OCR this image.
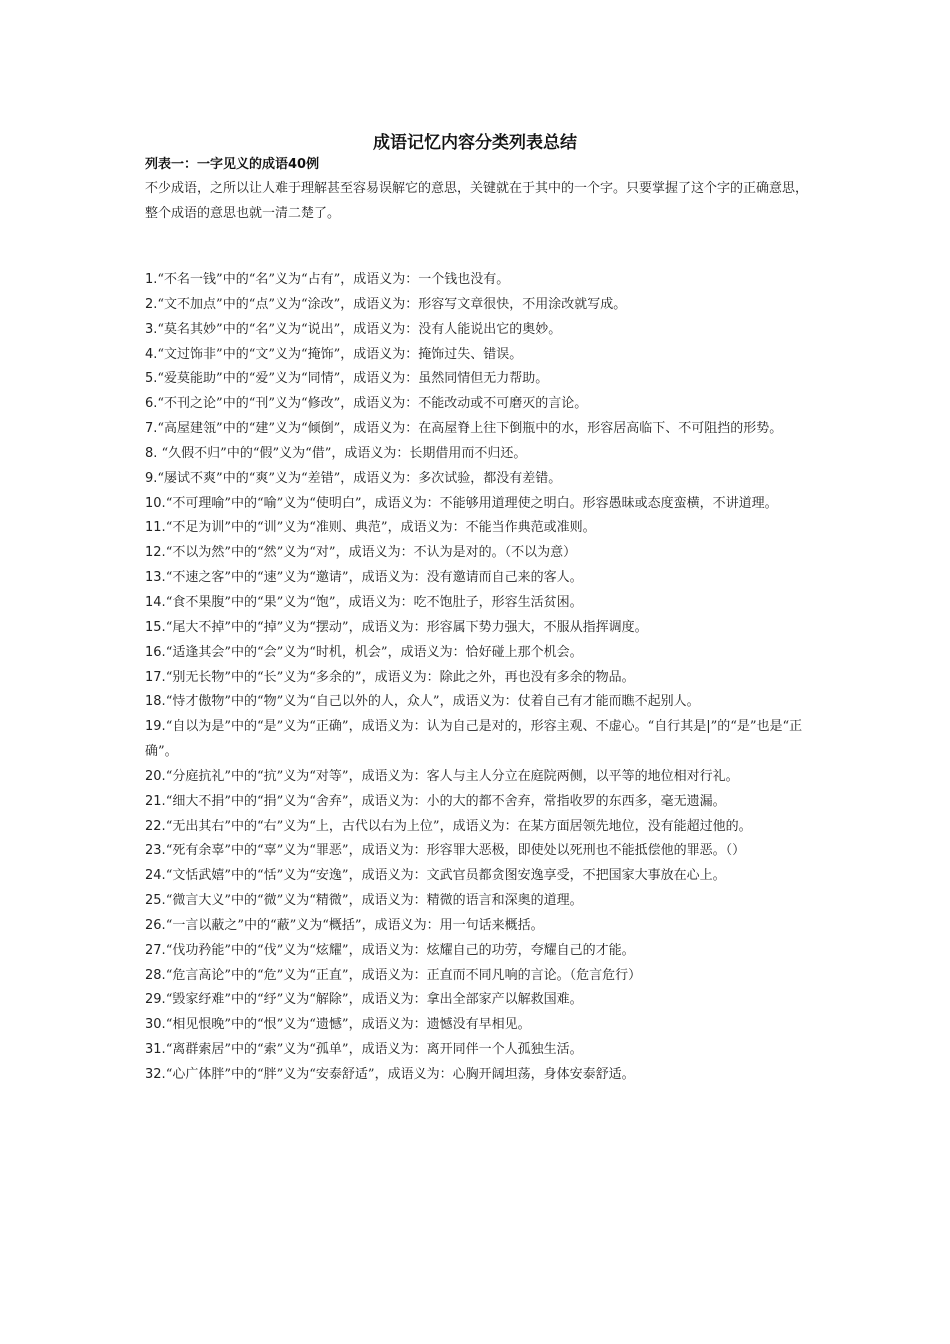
成语记忆内容分类列表总结
列表一：一字见义的成语40例
不少成语，之所以让人难于理解甚至容易误解它的意思，关键就在于其中的一个字。只要掌握了这个字的正确意思，整个成语的意思也就一清二楚了。
1.“不名一钱”中的“名”义为“占有”，成语义为：一个钱也没有。
2.“文不加点”中的“点”义为“涂改”，成语义为：形容写文章很快，不用涂改就写成。
3.“莫名其妙”中的“名”义为“说出”，成语义为：没有人能说出它的奥妙。
4.“文过饰非”中的“文”义为“掩饰”，成语义为：掩饰过失、错误。
5.“爱莫能助”中的“爱”义为“同情”，成语义为：虽然同情但无力帮助。
6.“不刊之论”中的“刊”义为“修改”，成语义为：不能改动或不可磨灭的言论。
7.“高屋建瓴”中的“建”义为“倾倒”，成语义为：在高屋脊上往下倒瓶中的水，形容居高临下、不可阻挡的形势。
8. “久假不归”中的“假”义为“借”，成语义为：长期借用而不归还。
9.“屡试不爽”中的“爽”义为“差错”，成语义为：多次试验，都没有差错。
10.“不可理喻”中的“喻”义为“使明白”，成语义为：不能够用道理使之明白。形容愚昧或态度蛮横，不讲道理。
11.“不足为训”中的“训”义为“准则、典范”，成语义为：不能当作典范或准则。
12.“不以为然”中的“然”义为“对”，成语义为：不认为是对的。（不以为意）
13.“不速之客”中的“速”义为“邀请”，成语义为：没有邀请而自己来的客人。
14.“食不果腹”中的“果”义为“饱”，成语义为：吃不饱肚子，形容生活贫困。
15.“尾大不掉”中的“掉”义为“摆动”，成语义为：形容属下势力强大，不服从指挥调度。
16.“适逢其会”中的“会”义为“时机，机会”，成语义为：恰好碰上那个机会。
17.“别无长物”中的“长”义为“多余的”，成语义为：除此之外，再也没有多余的物品。
18.“恃才傲物”中的“物”义为“自己以外的人，众人”，成语义为：仗着自己有才能而瞧不起别人。
19.“自以为是”中的“是”义为“正确”，成语义为：认为自己是对的，形容主观、不虚心。“自行其是|”的“是”也是“正确”。
20.“分庭抗礼”中的“抗”义为“对等”，成语义为：客人与主人分立在庭院两侧，以平等的地位相对行礼。
21.“细大不捐”中的“捐”义为“舍弃”，成语义为：小的大的都不舍弃，常指收罗的东西多，毫无遗漏。
22.“无出其右”中的“右”义为“上，古代以右为上位”，成语义为：在某方面居领先地位，没有能超过他的。
23.“死有余辜”中的“辜”义为“罪恶”，成语义为：形容罪大恶极，即使处以死刑也不能抵偿他的罪恶。（）
24.“文恬武嬉”中的“恬”义为“安逸”，成语义为：文武官员都贪图安逸享受，不把国家大事放在心上。
25.“微言大义”中的“微”义为“精微”，成语义为：精微的语言和深奥的道理。
26.“一言以蔽之”中的“蔽”义为“概括”，成语义为：用一句话来概括。
27.“伐功矜能”中的“伐”义为“炫耀”，成语义为：炫耀自己的功劳，夸耀自己的才能。
28.“危言高论”中的“危”义为“正直”，成语义为：正直而不同凡响的言论。（危言危行）
29.“毁家纾难”中的“纾”义为“解除”，成语义为：拿出全部家产以解救国难。
30.“相见恨晚”中的“恨”义为“遗憾”，成语义为：遗憾没有早相见。
31.“离群索居”中的“索”义为“孤单”，成语义为：离开同伴一个人孤独生活。
32.“心广体胖”中的“胖”义为“安泰舒适”，成语义为：心胸开阔坦荡，身体安泰舒适。
